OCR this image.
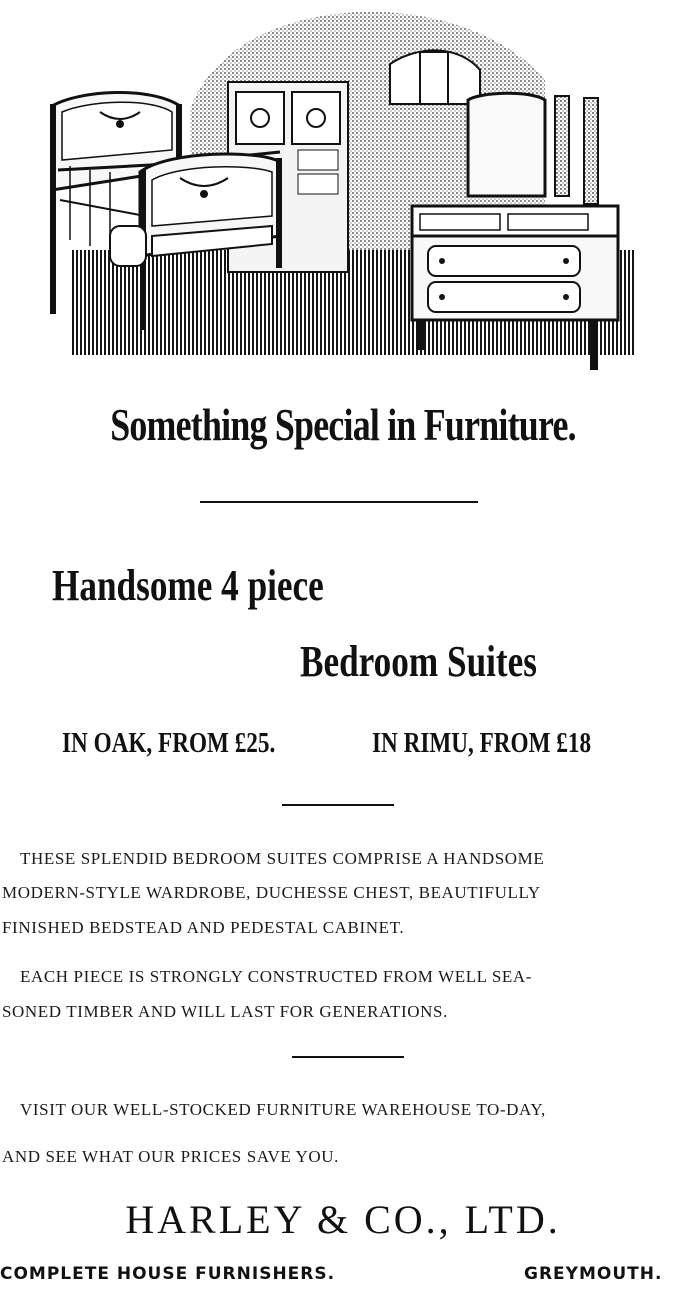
Something Special in Furniture.
Handsome 4 piece
Bedroom Suites
IN OAK, FROM £25.	IN RIMU, FROM £18
THESE SPLENDID BEDROOM SUITES COMPRISE A HANDSOME
MODERN-STYLE WARDROBE, DUCHESSE CHEST, BEAUTIFULLY
FINISHED BEDSTEAD AND PEDESTAL CABINET.
EACH PIECE IS STRONGLY CONSTRUCTED FROM WELL SEA-
SONED TIMBER AND WILL LAST FOR GENERATIONS.
VISIT OUR WELL-STOCKED FURNITURE WAREHOUSE TO-DAY,
AND SEE WHAT OUR PRICES SAVE YOU.
HARLEY & CO., LTD.
COMPLETE HOUSE FURNISHERS.	GREYMOUTH.
